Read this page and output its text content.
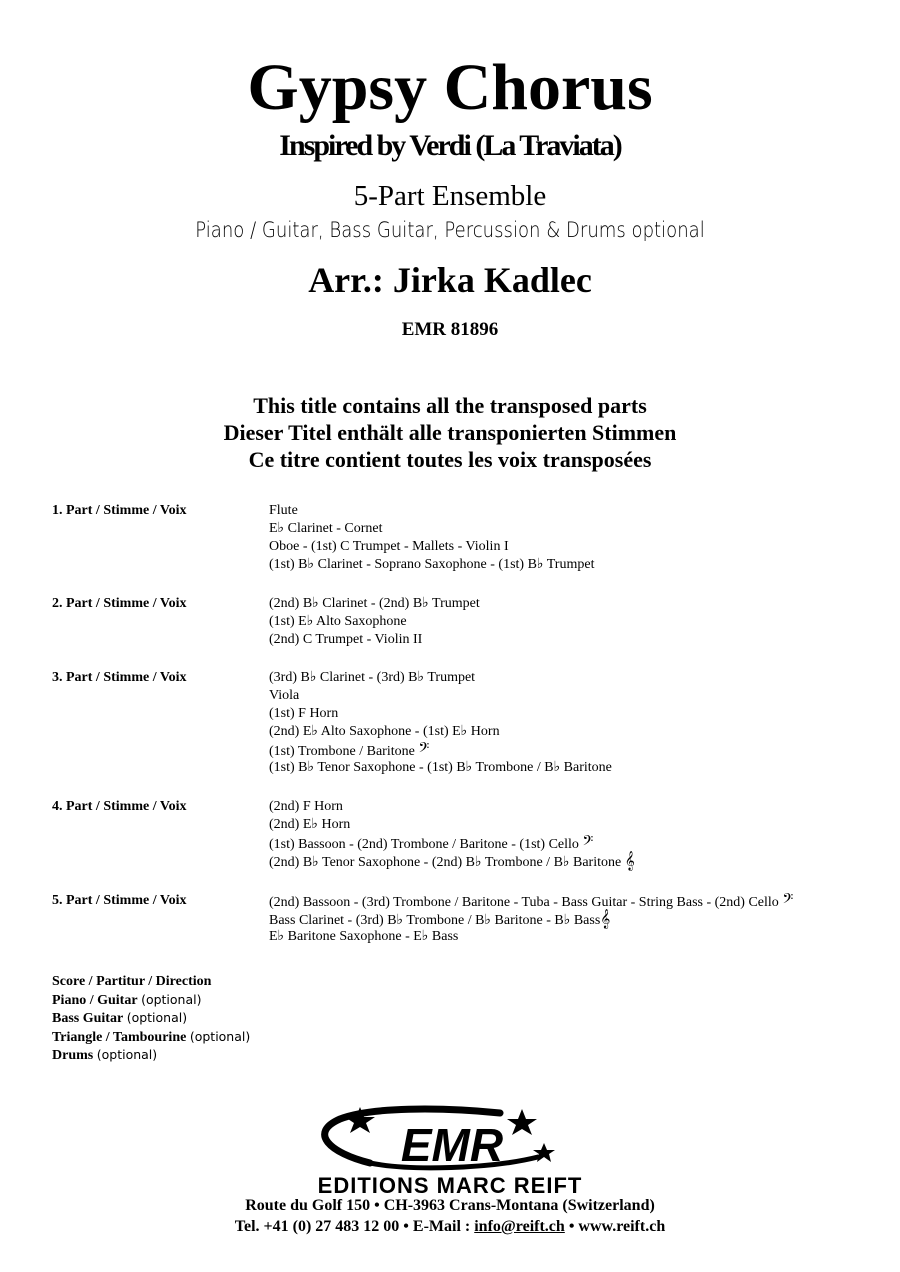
Gypsy Chorus
Inspired by Verdi (La Traviata)
5-Part Ensemble
Piano / Guitar, Bass Guitar, Percussion & Drums optional
Arr.: Jirka Kadlec
EMR 81896
This title contains all the transposed parts
Dieser Titel enthält alle transponierten Stimmen
Ce titre contient toutes les voix transposées
1. Part / Stimme / Voix	Flute
E♭ Clarinet - Cornet
Oboe - (1st) C Trumpet - Mallets - Violin I
(1st) B♭ Clarinet - Soprano Saxophone - (1st) B♭ Trumpet
2. Part / Stimme / Voix	(2nd) B♭ Clarinet - (2nd) B♭ Trumpet
(1st) E♭ Alto Saxophone
(2nd) C Trumpet - Violin II
3. Part / Stimme / Voix	(3rd) B♭ Clarinet - (3rd) B♭ Trumpet
Viola
(1st) F Horn
(2nd) E♭ Alto Saxophone - (1st) E♭ Horn
(1st) Trombone / Baritone 𝄢
(1st) B♭ Tenor Saxophone - (1st) B♭ Trombone / B♭ Baritone
4. Part / Stimme / Voix	(2nd) F Horn
(2nd) E♭ Horn
(1st) Bassoon - (2nd) Trombone / Baritone - (1st) Cello 𝄢
(2nd) B♭ Tenor Saxophone - (2nd) B♭ Trombone / B♭ Baritone 𝄞
5. Part / Stimme / Voix	(2nd) Bassoon - (3rd) Trombone / Baritone - Tuba - Bass Guitar - String Bass - (2nd) Cello 𝄢
Bass Clarinet - (3rd) B♭ Trombone / B♭ Baritone - B♭ Bass𝄞
E♭ Baritone Saxophone - E♭ Bass
Score / Partitur / Direction
Piano / Guitar (optional)
Bass Guitar (optional)
Triangle / Tambourine (optional)
Drums (optional)
EMR
EDITIONS MARC REIFT
Route du Golf 150 • CH-3963 Crans-Montana (Switzerland)
Tel. +41 (0) 27 483 12 00 • E-Mail : info@reift.ch • www.reift.ch
